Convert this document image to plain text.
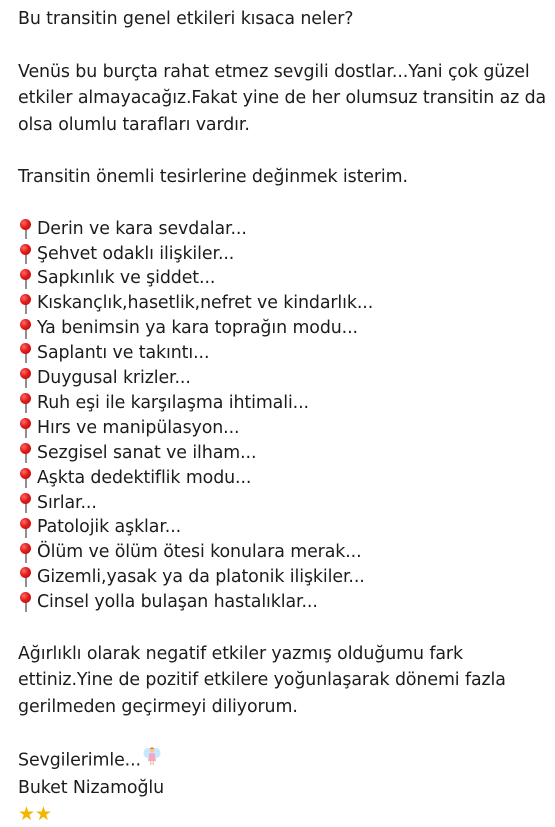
Bu transitin genel etkileri kısaca neler?

Venüs bu burçta rahat etmez sevgili dostlar...Yani çok güzel etkiler almayacağız.Fakat yine de her olumsuz transitin az da olsa olumlu tarafları vardır.

Transitin önemli tesirlerine değinmek isterim.

Derin ve kara sevdalar...
Şehvet odaklı ilişkiler...
Sapkınlık ve şiddet...
Kıskançlık,hasetlik,nefret ve kindarlık...
Ya benimsin ya kara toprağın modu...
Saplantı ve takıntı...
Duygusal krizler...
Ruh eşi ile karşılaşma ihtimali...
Hırs ve manipülasyon...
Sezgisel sanat ve ilham...
Aşkta dedektiflik modu...
Sırlar...
Patolojik aşklar...
Ölüm ve ölüm ötesi konulara merak...
Gizemli,yasak ya da platonik ilişkiler...
Cinsel yolla bulaşan hastalıklar...

Ağırlıklı olarak negatif etkiler yazmış olduğumu fark ettiniz.Yine de pozitif etkilere yoğunlaşarak dönemi fazla gerilmeden geçirmeyi diliyorum.

Sevgilerimle...

Buket Nizamoğlu

★★
